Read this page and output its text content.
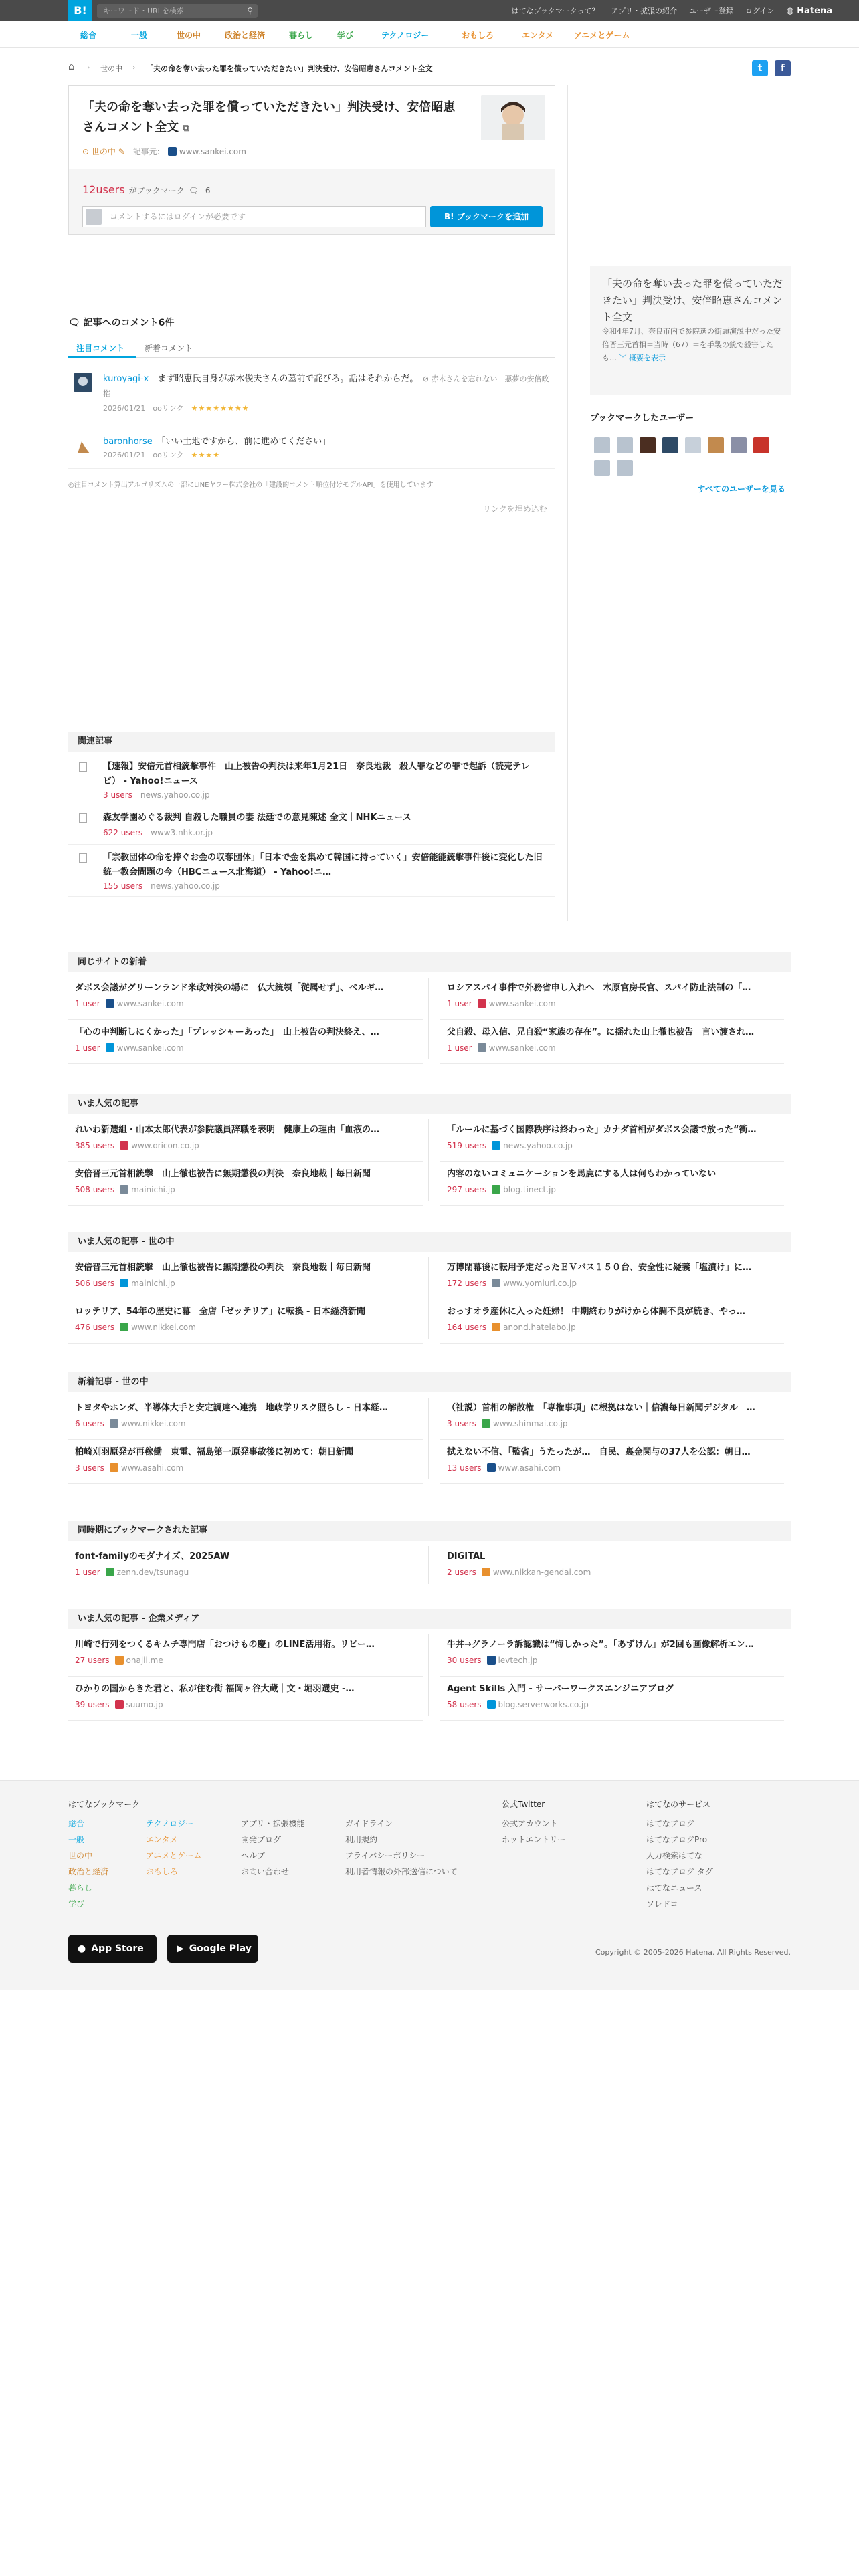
B!	キーワード・URLを検索	⚲	はてなブックマークって？ アプリ・拡張の紹介 ユーザー登録 ログイン ◍ Hatena
総合	一般	世の中	政治と経済	暮らし	学び	テクノロジー	おもしろ	エンタメ	アニメとゲーム
⌂ › 世の中 › 「夫の命を奪い去った罪を償っていただきたい」判決受け、安倍昭恵さんコメント全文	t	f
「夫の命を奪い去った罪を償っていただきたい」判決受け、安倍昭恵さんコメント全文 ⧉
⊙ 世の中 ✎ 記事元:	www.sankei.com
12users がブックマーク 🗨 6
コメントするにはログインが必要です	B! ブックマークを追加
🗨 記事へのコメント6件
注目コメント 新着コメント
kuroyagi-x　 まず昭恵氏自身が赤木俊夫さんの墓前で詫びろ。話はそれからだ。　 ⊘ 赤木さんを忘れない　悪夢の安倍政権
2026/01/21　 ooリンク　 ★★★★★★★★
baronhorse　 「いい土地ですから、前に進めてください」
2026/01/21　 ooリンク　 ★★★★
◎注目コメント算出アルゴリズムの一部にLINEヤフー株式会社の「建設的コメント順位付けモデルAPI」を使用しています
リンクを埋め込む
「夫の命を奪い去った罪を償っていただきたい」判決受け、安倍昭恵さんコメント全文
令和4年7月、奈良市内で参院選の街頭演説中だった安倍晋三元首相＝当時（67）＝を手製の銃で殺害した も… ﹀ 概要を表示
ブックマークしたユーザー
すべてのユーザーを見る
関連記事
【速報】安倍元首相銃撃事件　山上被告の判決は来年1月21日　奈良地裁　殺人罪などの罪で起訴（読売テレビ） - Yahoo!ニュース
3 users　 news.yahoo.co.jp
森友学園めぐる裁判 自殺した職員の妻 法廷での意見陳述 全文｜NHKニュース
622 users　 www3.nhk.or.jp
「宗教団体の命を捧ぐお金の収奪団体」「日本で金を集めて韓国に持っていく」安倍能能銃撃事件後に変化した旧統一教会問題の今（HBCニュース北海道） - Yahoo!ニ…
155 users　 news.yahoo.co.jp
同じサイトの新着
ダボス会議がグリーンランド米政対決の場に　仏大統領「従属せず」、ベルギ…
1 user www.sankei.com
ロシアスパイ事件で外務省申し入れへ　木原官房長官、スパイ防止法制の「…
1 user www.sankei.com
「心の中判断しにくかった」「プレッシャーあった」　山上被告の判決終え、…
1 user www.sankei.com
父自殺、母入信、兄自殺“家族の存在”。に揺れた山上徹也被告　言い渡され…
1 user www.sankei.com
いま人気の記事
れいわ新選組・山本太郎代表が参院議員辞職を表明　健康上の理由「血液の…
385 users www.oricon.co.jp
「ルールに基づく国際秩序は終わった」カナダ首相がダボス会議で放った“衝…
519 users news.yahoo.co.jp
安倍晋三元首相銃撃　山上徹也被告に無期懲役の判決　奈良地裁｜毎日新聞
508 users mainichi.jp
内容のないコミュニケーションを馬鹿にする人は何もわかっていない
297 users blog.tinect.jp
いま人気の記事 - 世の中
安倍晋三元首相銃撃　山上徹也被告に無期懲役の判決　奈良地裁｜毎日新聞
506 users mainichi.jp
万博閉幕後に転用予定だったＥＶバス１５０台、安全性に疑義「塩漬け」に…
172 users www.yomiuri.co.jp
ロッテリア、54年の歴史に幕　全店「ゼッテリア」に転換 - 日本経済新聞
476 users www.nikkei.com
おっすオラ産休に入った妊婦！ 中期終わりがけから体調不良が続き、やっ…
164 users anond.hatelabo.jp
新着記事 - 世の中
トヨタやホンダ、半導体大手と安定調達へ連携　地政学リスク照らし - 日本経…
6 users www.nikkei.com
（社説）首相の解散権　「専権事項」に根拠はない｜信濃每日新聞デジタル　…
3 users www.shinmai.co.jp
柏崎刈羽原発が再稼働　東電、福島第一原発事故後に初めて：朝日新聞
3 users www.asahi.com
拭えない不信、「監省」うたったが…　自民、裏金関与の37人を公認：朝日…
13 users www.asahi.com
同時期にブックマークされた記事
font-familyのモダナイズ、2025AW
1 user zenn.dev/tsunagu
DIGITAL
2 users www.nikkan-gendai.com
いま人気の記事 - 企業メディア
川崎で行列をつくるキムチ専門店「おつけもの慶」のLINE活用術。リピー…
27 users onajii.me
牛丼→グラノーラ訴認識は“悔しかった”。「あずけん」が2回も画像解析エン…
30 users levtech.jp
ひかりの国からきた君と、私が住む街 福岡ヶ谷大蔵｜文・堀羽選史 -…
39 users suumo.jp
Agent Skills 入門 - サーバーワークスエンジニアブログ
58 users blog.serverworks.co.jp
はてなブックマーク
総合
一般
世の中
政治と経済
暮らし
学び
テクノロジー
エンタメ
アニメとゲーム
おもしろ
アプリ・拡張機能
開発ブログ
ヘルプ
お問い合わせ
ガイドライン
利用規約
プライバシーポリシー
利用者情報の外部送信について
公式Twitter
公式アカウント
ホットエントリー
はてなのサービス
はてなブログ
はてなブログPro
人力検索はてな
はてなブログ タグ
はてなニュース
ソレドコ
● App Store	▶ Google Play	Copyright © 2005-2026 Hatena. All Rights Reserved.
